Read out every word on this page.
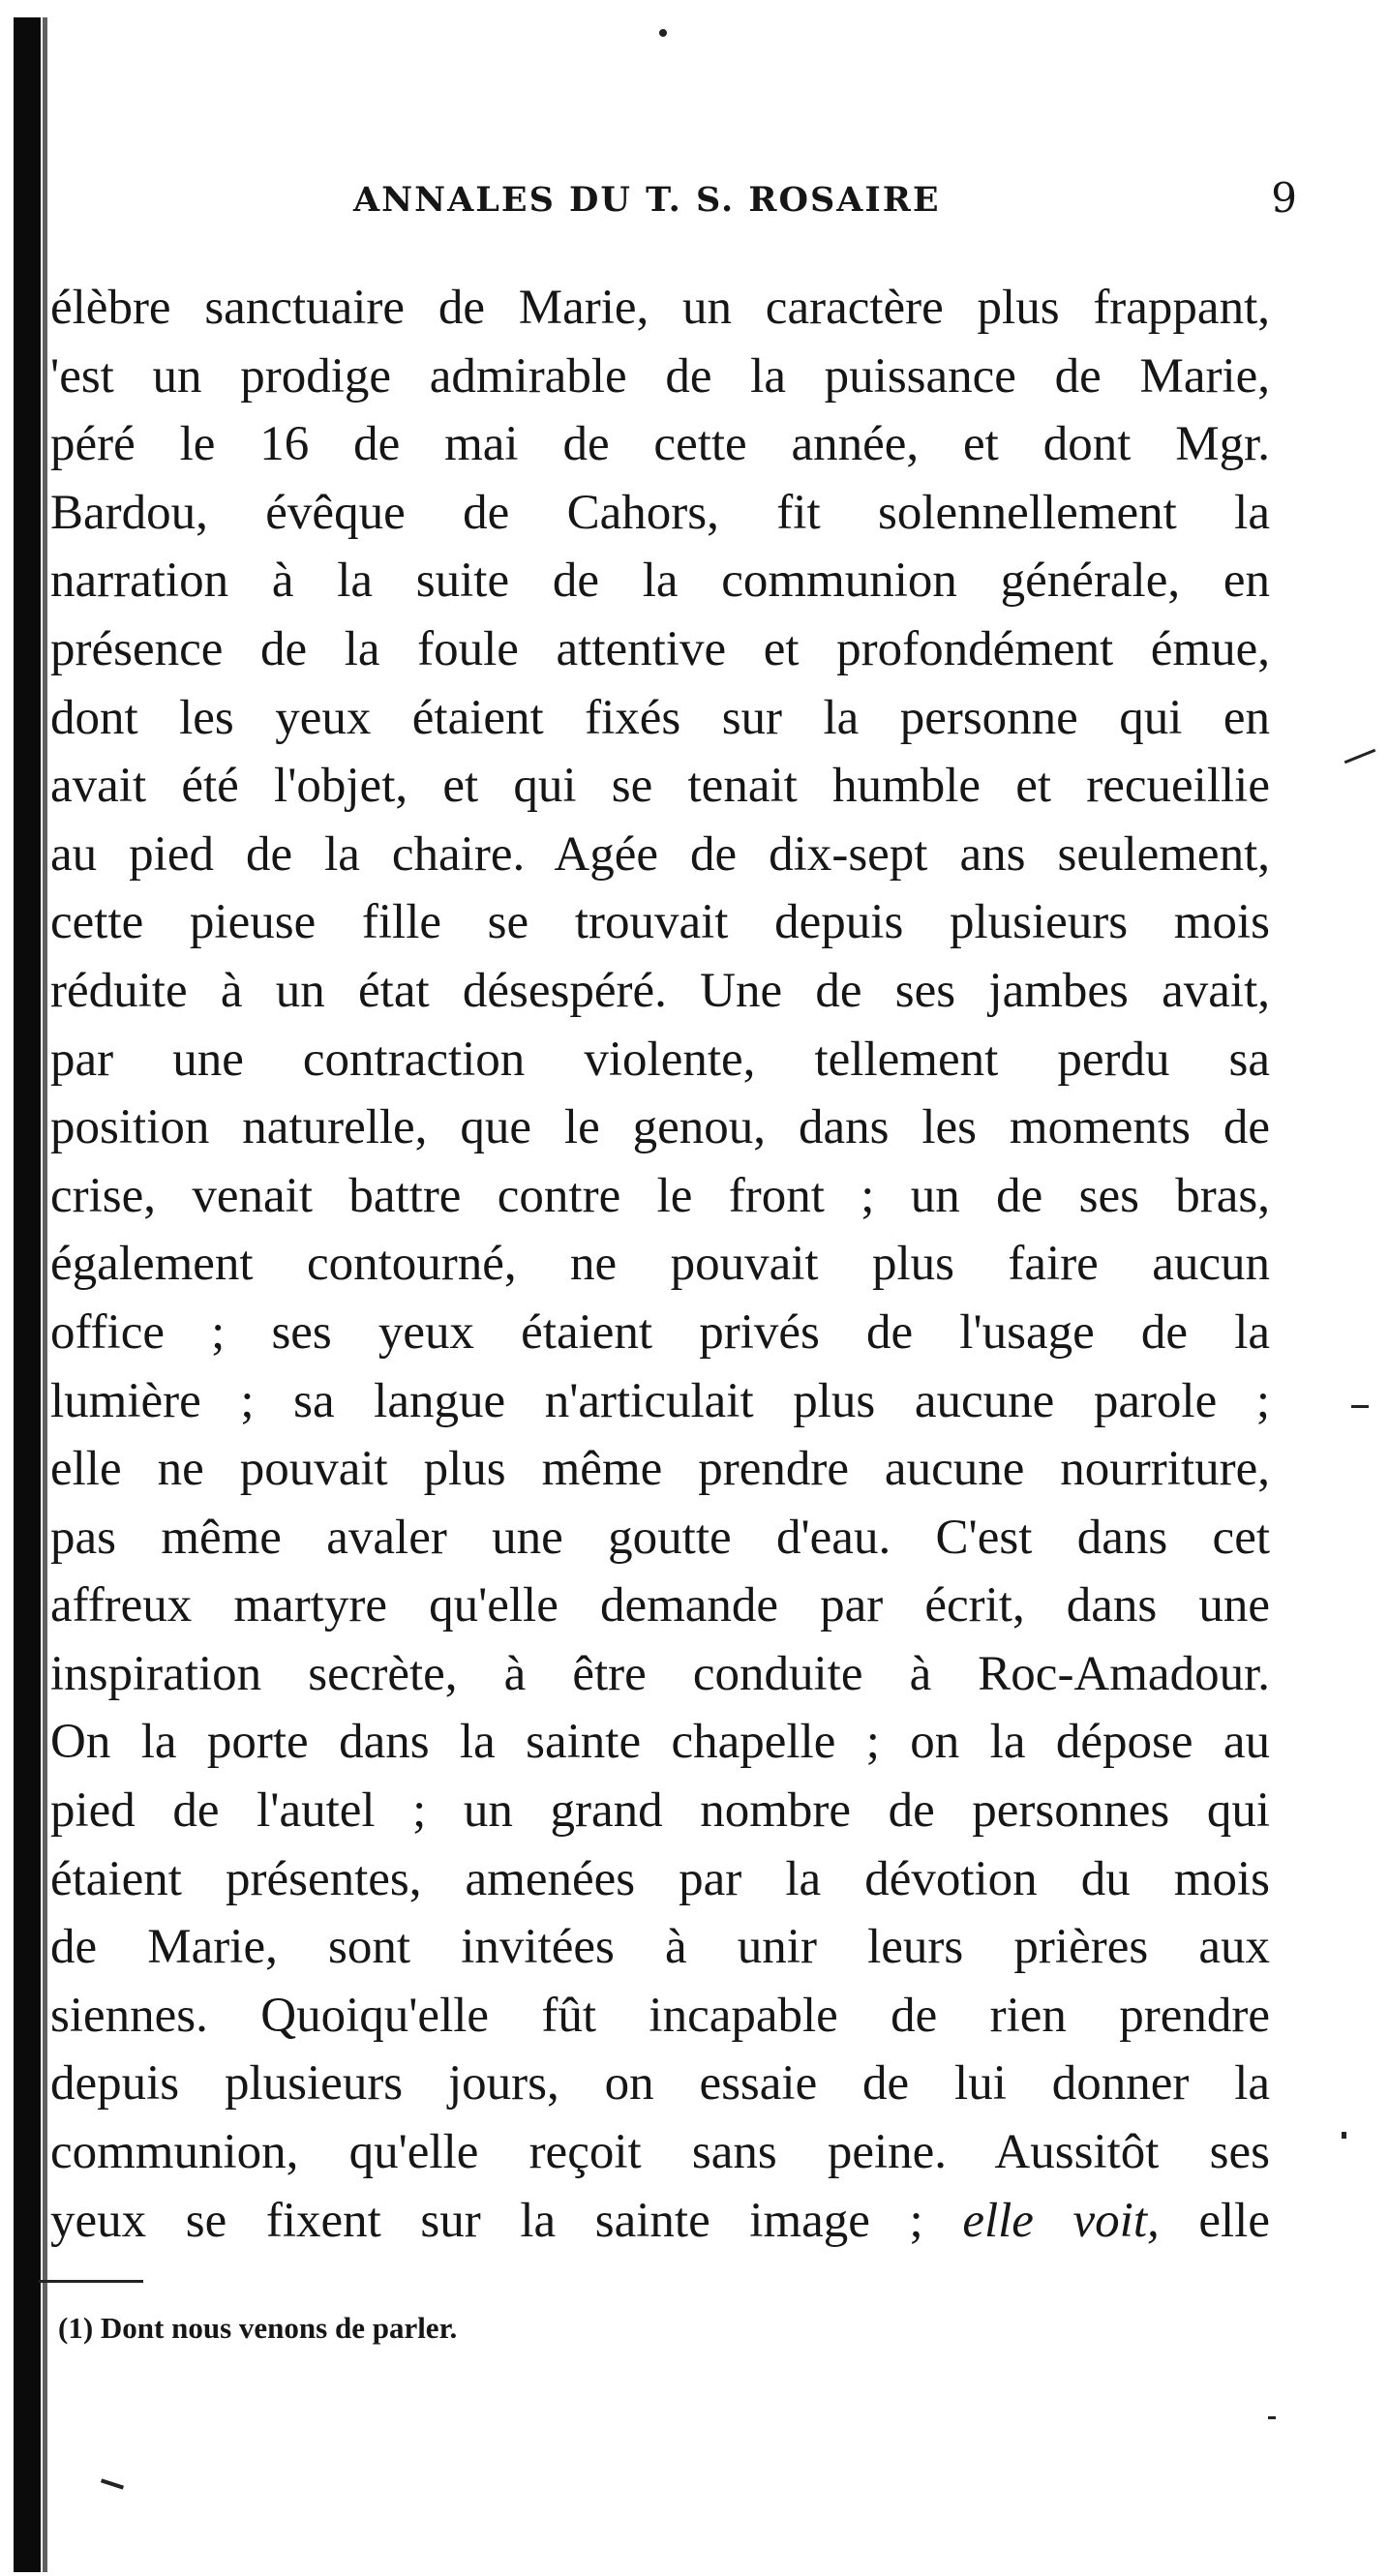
ANNALES DU T. S. ROSAIRE	9
élèbre sanctuaire de Marie, un caractère plus frappant,
'est un prodige admirable de la puissance de Marie,
péré le 16 de mai de cette année, et dont Mgr.
Bardou, évêque de Cahors, fit solennellement la
narration à la suite de la communion générale, en
présence de la foule attentive et profondément émue,
dont les yeux étaient fixés sur la personne qui en
avait été l'objet, et qui se tenait humble et recueillie
au pied de la chaire. Agée de dix-sept ans seulement,
cette pieuse fille se trouvait depuis plusieurs mois
réduite à un état désespéré. Une de ses jambes avait,
par une contraction violente, tellement perdu sa
position naturelle, que le genou, dans les moments de
crise, venait battre contre le front ; un de ses bras,
également contourné, ne pouvait plus faire aucun
office ; ses yeux étaient privés de l'usage de la
lumière ; sa langue n'articulait plus aucune parole ;
elle ne pouvait plus même prendre aucune nourriture,
pas même avaler une goutte d'eau. C'est dans cet
affreux martyre qu'elle demande par écrit, dans une
inspiration secrète, à être conduite à Roc-Amadour.
On la porte dans la sainte chapelle ; on la dépose au
pied de l'autel ; un grand nombre de personnes qui
étaient présentes, amenées par la dévotion du mois
de Marie, sont invitées à unir leurs prières aux
siennes. Quoiqu'elle fût incapable de rien prendre
depuis plusieurs jours, on essaie de lui donner la
communion, qu'elle reçoit sans peine. Aussitôt ses
yeux se fixent sur la sainte image ; elle voit, elle
(1) Dont nous venons de parler.
